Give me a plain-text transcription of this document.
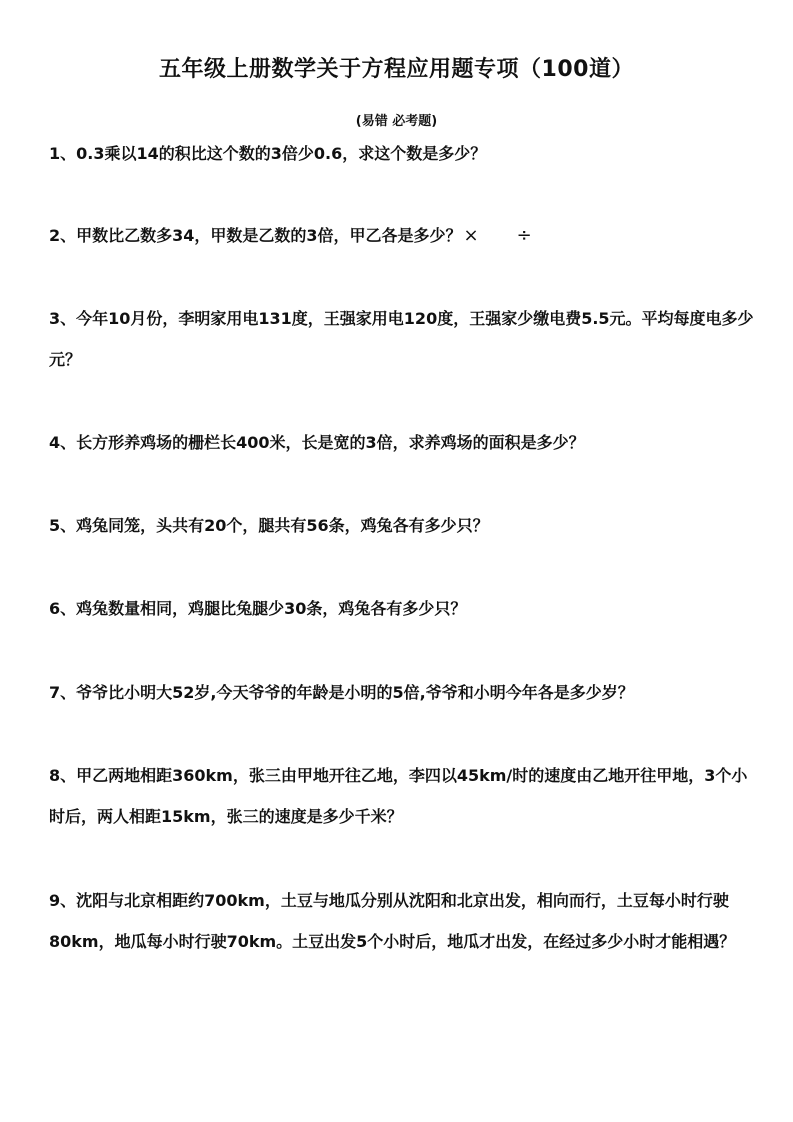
五年级上册数学关于方程应用题专项（100道）
(易错 必考题)

1、0.3乘以14的积比这个数的3倍少0.6，求这个数是多少？

2、甲数比乙数多34，甲数是乙数的3倍，甲乙各是多少？ × ÷

3、今年10月份，李明家用电131度，王强家用电120度，王强家少缴电费5.5元。平均每度电多少元？

4、长方形养鸡场的栅栏长400米，长是宽的3倍，求养鸡场的面积是多少？

5、鸡兔同笼，头共有20个，腿共有56条，鸡兔各有多少只？

6、鸡兔数量相同，鸡腿比兔腿少30条，鸡兔各有多少只？

7、爷爷比小明大52岁,今天爷爷的年龄是小明的5倍,爷爷和小明今年各是多少岁？

8、甲乙两地相距360km，张三由甲地开往乙地，李四以45km/时的速度由乙地开往甲地，3个小时后，两人相距15km，张三的速度是多少千米？

9、沈阳与北京相距约700km，土豆与地瓜分别从沈阳和北京出发，相向而行，土豆每小时行驶80km，地瓜每小时行驶70km。土豆出发5个小时后，地瓜才出发，在经过多少小时才能相遇？
